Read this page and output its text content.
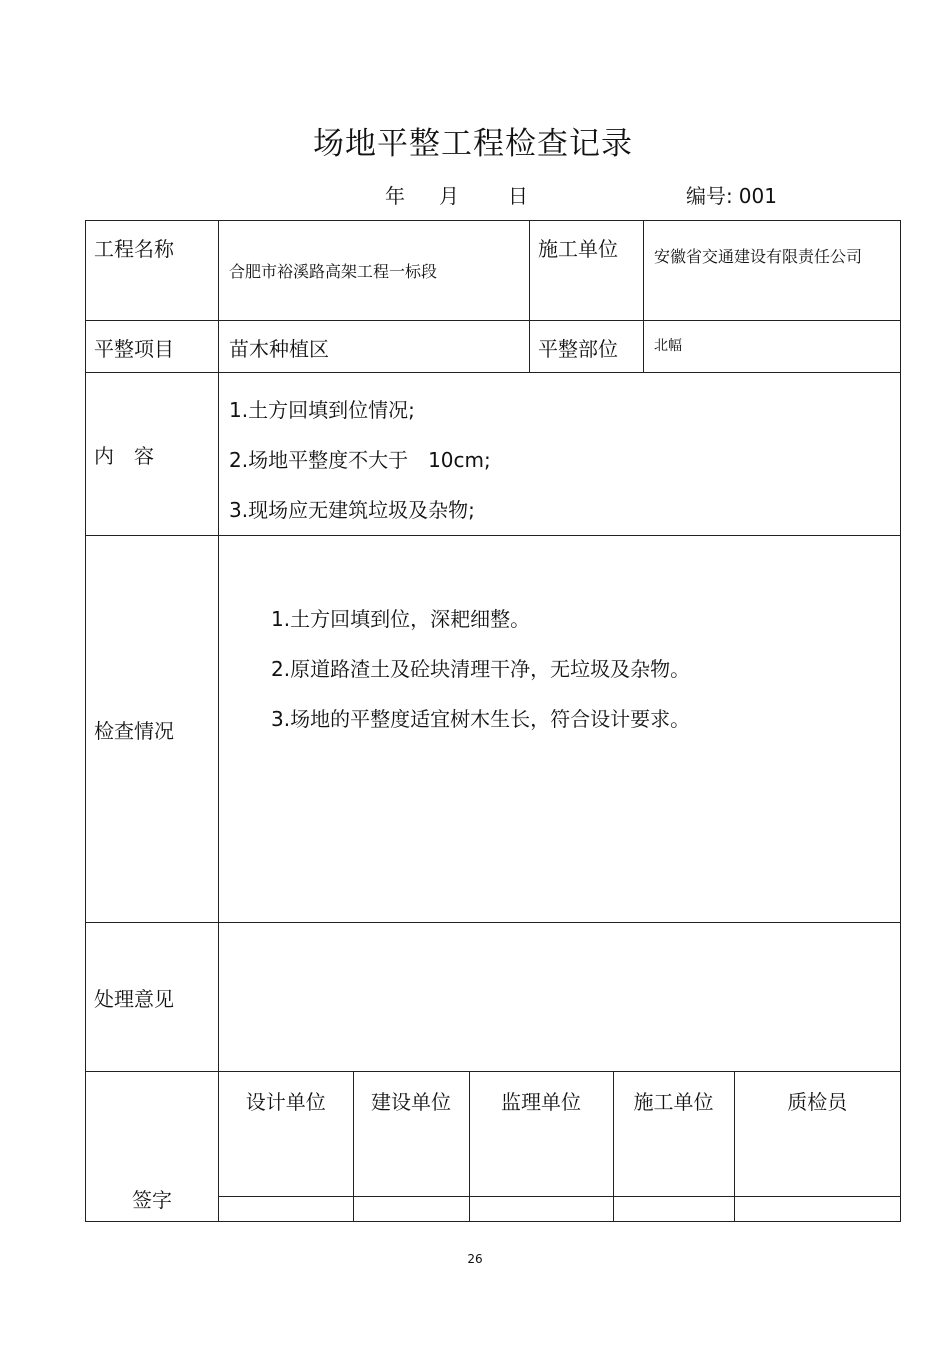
场地平整工程检查记录
年 月 日	编号: 001
工程名称	合肥市裕溪路高架工程一标段	施工单位	安徽省交通建设有限责任公司
平整项目	苗木种植区	平整部位	北幅
内　容	
1.土方回填到位情况;
2.场地平整度不大于　10cm;
3.现场应无建筑垃圾及杂物;

检查情况	
1.土方回填到位，深耙细整。
2.原道路渣土及砼块清理干净，无垃圾及杂物。
3.场地的平整度适宜树木生长，符合设计要求。

处理意见	
签字	
设计单位	建设单位	监理单位	施工单位	质检员

26
